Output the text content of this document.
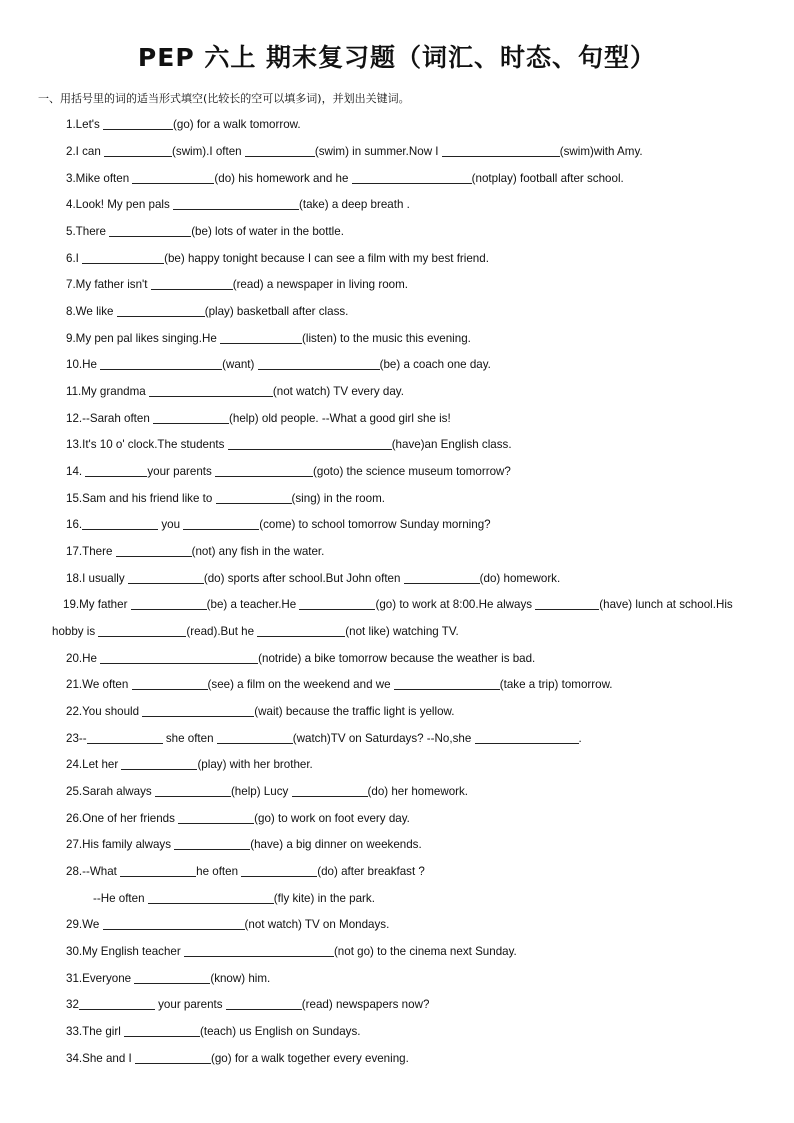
PEP 六上 期末复习题（词汇、时态、句型）
一、用括号里的词的适当形式填空(比较长的空可以填多词)，并划出关键词。
1.Let's	(go) for a walk tomorrow.
2.I can	(swim).I often	(swim) in summer.Now I	(swim)with Amy.
3.Mike often	(do) his homework and he	(notplay) football after school.
4.Look! My pen pals	(take) a deep breath .
5.There	(be) lots of water in the bottle.
6.I	(be) happy tonight because I can see a film with my best friend.
7.My father isn't	(read) a newspaper in living room.
8.We like	(play) basketball after class.
9.My pen pal likes singing.He	(listen) to the music this evening.
10.He	(want)	(be) a coach one day.
11.My grandma	(not watch) TV every day.
12.--Sarah often	(help) old people. --What a good girl she is!
13.It's 10 o' clock.The students	(have)an English class.
14.	your parents	(goto) the science museum tomorrow?
15.Sam and his friend like to	(sing) in the room.
16.	you	(come) to school tomorrow Sunday morning?
17.There	(not) any fish in the water.
18.I usually	(do) sports after school.But John often	(do) homework.
19.My father	(be) a teacher.He	(go) to work at 8:00.He always	(have) lunch at school.His
hobby is	(read).But he	(not like) watching TV.
20.He	(notride) a bike tomorrow because the weather is bad.
21.We often	(see) a film on the weekend and we	(take a trip) tomorrow.
22.You should	(wait) because the traffic light is yellow.
23--	she often	(watch)TV on Saturdays? --No,she	.
24.Let her	(play) with her brother.
25.Sarah always	(help) Lucy	(do) her homework.
26.One of her friends	(go) to work on foot every day.
27.His family always	(have) a big dinner on weekends.
28.--What	he often	(do) after breakfast ?
--He often	(fly kite) in the park.
29.We	(not watch) TV on Mondays.
30.My English teacher	(not go) to the cinema next Sunday.
31.Everyone	(know) him.
32	your parents	(read) newspapers now?
33.The girl	(teach) us English on Sundays.
34.She and I	(go) for a walk together every evening.
